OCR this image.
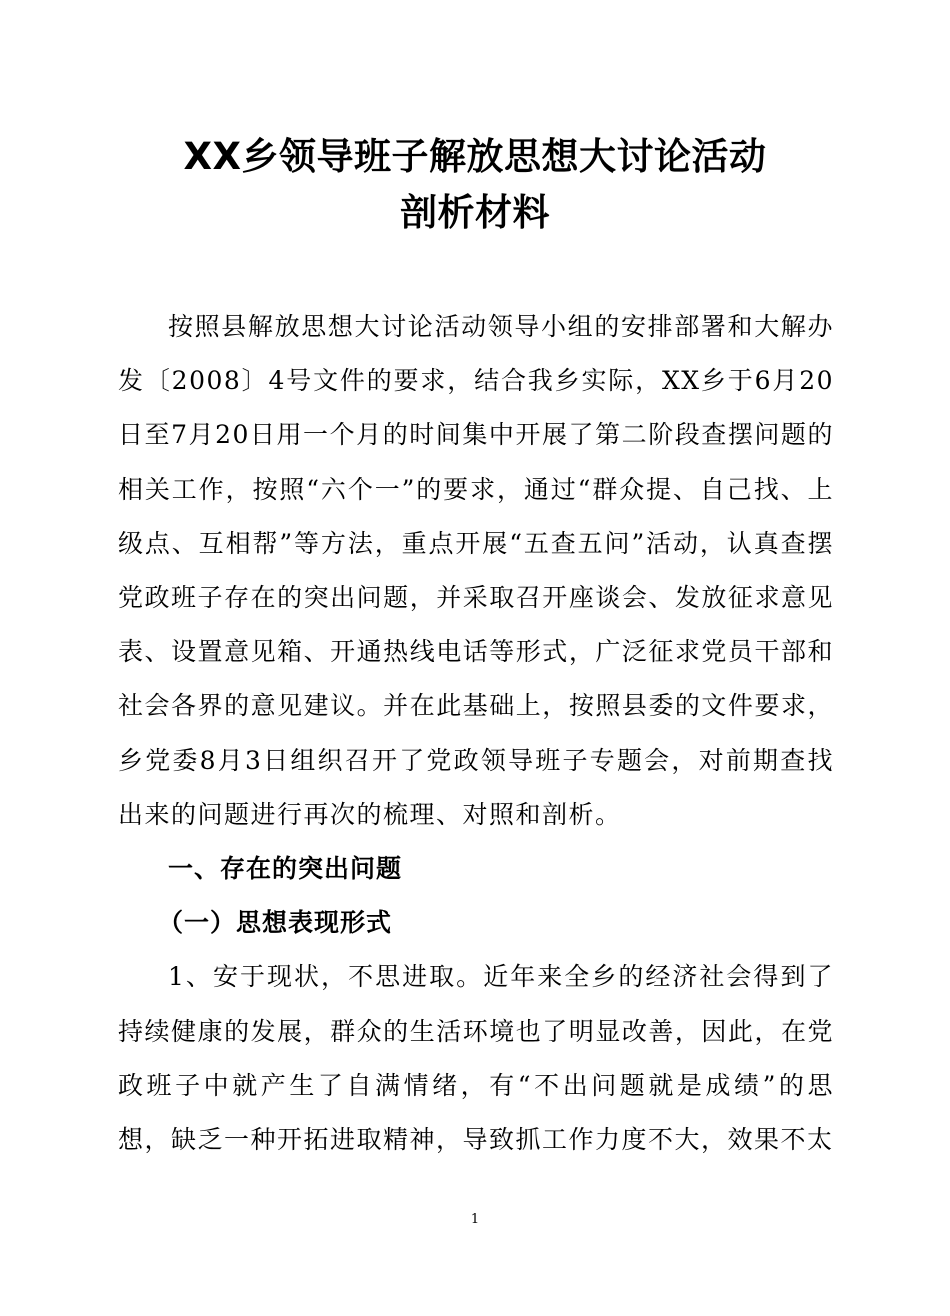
XX乡领导班子解放思想大讨论活动
剖析材料

按照县解放思想大讨论活动领导小组的安排部署和大解办发〔2008〕4号文件的要求，结合我乡实际，XX乡于6月20日至7月20日用一个月的时间集中开展了第二阶段查摆问题的相关工作，按照“六个一”的要求，通过“群众提、自己找、上级点、互相帮”等方法，重点开展“五查五问”活动，认真查摆党政班子存在的突出问题，并采取召开座谈会、发放征求意见表、设置意见箱、开通热线电话等形式，广泛征求党员干部和社会各界的意见建议。并在此基础上，按照县委的文件要求，乡党委8月3日组织召开了党政领导班子专题会，对前期查找出来的问题进行再次的梳理、对照和剖析。

一、存在的突出问题

（一）思想表现形式

1、安于现状，不思进取。近年来全乡的经济社会得到了持续健康的发展，群众的生活环境也了明显改善，因此，在党政班子中就产生了自满情绪，有“不出问题就是成绩”的思想，缺乏一种开拓进取精神，导致抓工作力度不大，效果不太

1
